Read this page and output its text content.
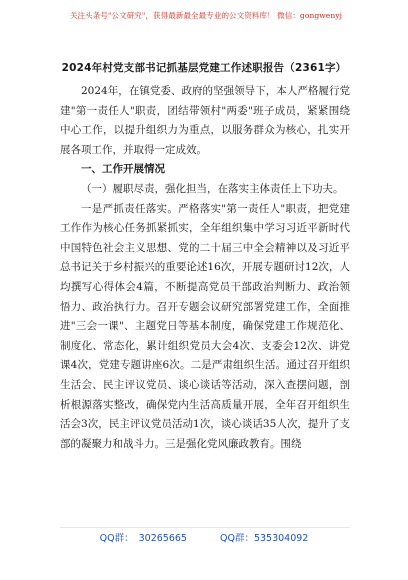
关注头条号"公文研究"，获得最新最全最专业的公文资料库！ 微信：gongwenyj
2024年村党支部书记抓基层党建工作述职报告（2361字）

2024年，在镇党委、政府的坚强领导下，本人严格履行党建"第一责任人"职责，团结带领村"两委"班子成员，紧紧围绕中心工作，以提升组织力为重点，以服务群众为核心，扎实开展各项工作，并取得一定成效。

一、工作开展情况
（一）履职尽责，强化担当，在落实主体责任上下功夫。

一是严抓责任落实。严格落实"第一责任人"职责，把党建工作作为核心任务抓紧抓实，全年组织集中学习习近平新时代中国特色社会主义思想、党的二十届三中全会精神以及习近平总书记关于乡村振兴的重要论述16次，开展专题研讨12次，人均撰写心得体会4篇，不断提高党员干部政治判断力、政治领悟力、政治执行力。召开专题会议研究部署党建工作，全面推进"三会一课"、主题党日等基本制度，确保党建工作规范化、制度化、常态化，累计组织党员大会4次、支委会12次、讲党课4次，党建专题讲座6次。二是严肃组织生活。通过召开组织生活会、民主评议党员、谈心谈话等活动，深入查摆问题，剖析根源落实整改，确保党内生活高质量开展，全年召开组织生活会3次，民主评议党员活动1次，谈心谈话35人次，提升了支部的凝聚力和战斗力。三是强化党风廉政教育。围绕

QQ群： 30265665	QQ群：535304092
